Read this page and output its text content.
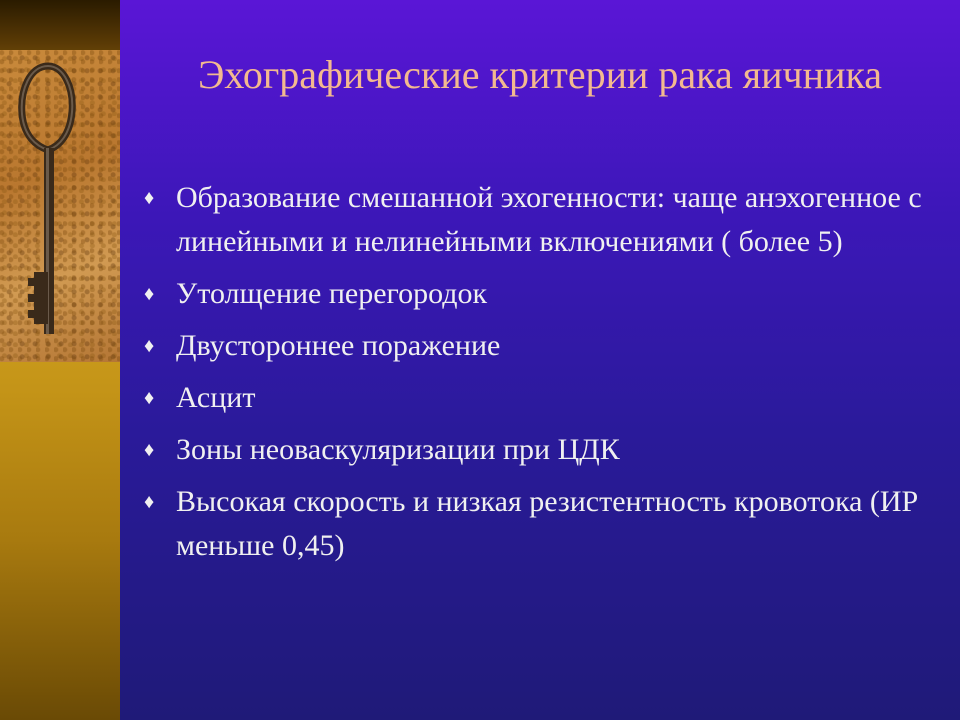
Эхографические критерии рака яичника
♦ Образование смешанной эхогенности: чаще анэхогенное с линейными и нелинейными включениями ( более 5)
♦ Утолщение перегородок
♦ Двустороннее поражение
♦ Асцит
♦ Зоны неоваскуляризации при ЦДК
♦ Высокая скорость и низкая резистентность кровотока (ИР меньше 0,45)
